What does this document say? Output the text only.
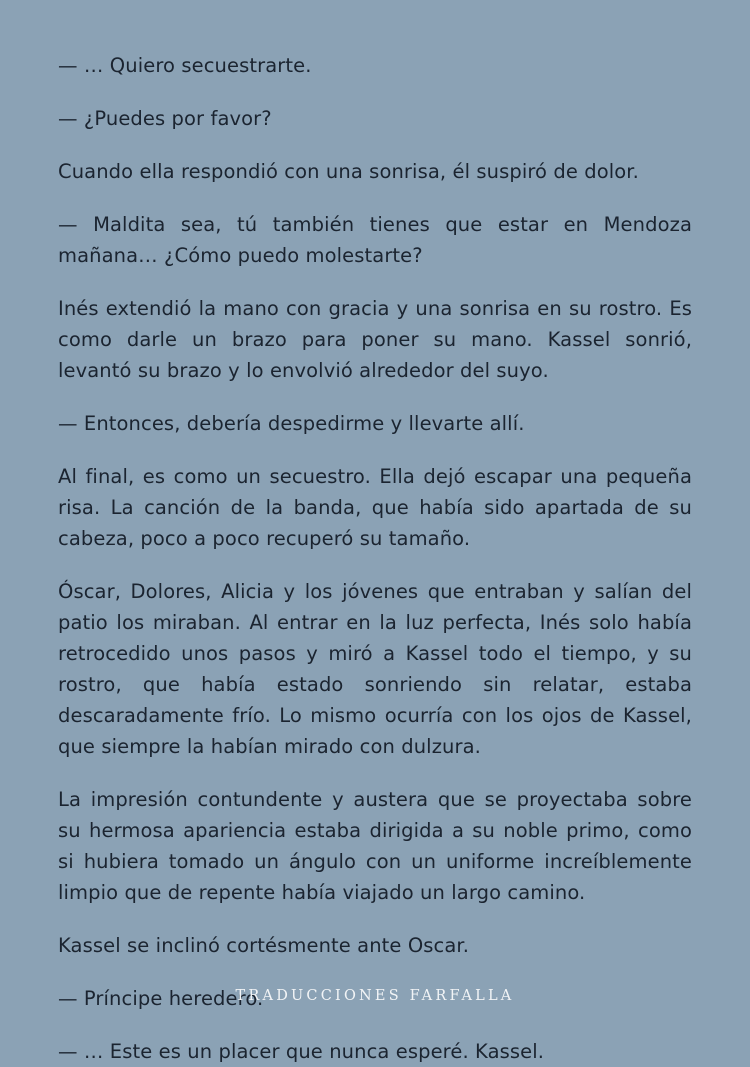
— … Quiero secuestrarte.

— ¿Puedes por favor?

Cuando ella respondió con una sonrisa, él suspiró de dolor.

— Maldita sea, tú también tienes que estar en Mendoza mañana… ¿Cómo puedo molestarte?

Inés extendió la mano con gracia y una sonrisa en su rostro. Es como darle un brazo para poner su mano. Kassel sonrió, levantó su brazo y lo envolvió alrededor del suyo.

— Entonces, debería despedirme y llevarte allí.

Al final, es como un secuestro. Ella dejó escapar una pequeña risa. La canción de la banda, que había sido apartada de su cabeza, poco a poco recuperó su tamaño.

Óscar, Dolores, Alicia y los jóvenes que entraban y salían del patio los miraban. Al entrar en la luz perfecta, Inés solo había retrocedido unos pasos y miró a Kassel todo el tiempo, y su rostro, que había estado sonriendo sin relatar, estaba descaradamente frío. Lo mismo ocurría con los ojos de Kassel, que siempre la habían mirado con dulzura.

La impresión contundente y austera que se proyectaba sobre su hermosa apariencia estaba dirigida a su noble primo, como si hubiera tomado un ángulo con un uniforme increíblemente limpio que de repente había viajado un largo camino.

Kassel se inclinó cortésmente ante Oscar.

— Príncipe heredero.

— … Este es un placer que nunca esperé. Kassel.

TRADUCCIONES FARFALLA
